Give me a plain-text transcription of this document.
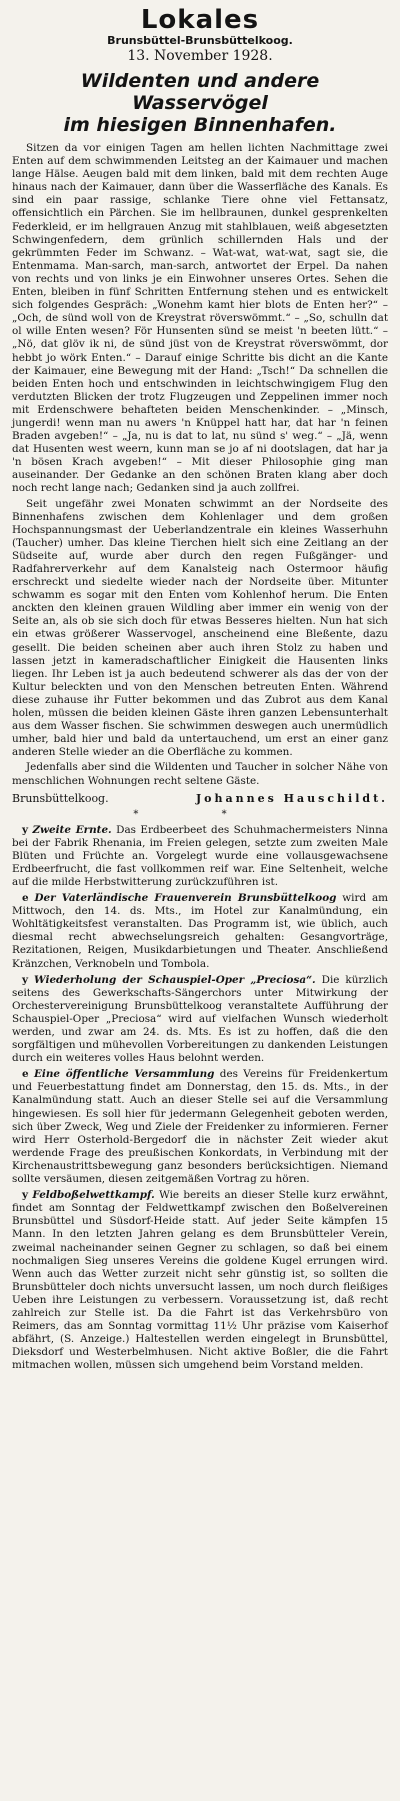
Lokales
Brunsbüttel-Brunsbüttelkoog.
13. November 1928.
Wildenten und andere Wasservögel
im hiesigen Binnenhafen.

Sitzen da vor einigen Tagen am hellen lichten Nachmittage zwei Enten auf dem schwimmenden Leitsteg an der Kaimauer und machen lange Hälse. Aeugen bald mit dem linken, bald mit dem rechten Auge hinaus nach der Kaimauer, dann über die Wasserfläche des Kanals. Es sind ein paar rassige, schlanke Tiere ohne viel Fettansatz, offensichtlich ein Pärchen. Sie im hellbraunen, dunkel gesprenkelten Federkleid, er im hellgrauen Anzug mit stahlblauen, weiß abgesetzten Schwingenfedern, dem grünlich schillernden Hals und der gekrümmten Feder im Schwanz. – Wat-wat, wat-wat, sagt sie, die Entenmama. Man-sarch, man-sarch, antwortet der Erpel. Da nahen von rechts und von links je ein Einwohner unseres Ortes. Sehen die Enten, bleiben in fünf Schritten Entfernung stehen und es entwickelt sich folgendes Gespräch: „Wonehm kamt hier blots de Enten her?“ – „Och, de sünd woll von de Kreystrat röverswömmt.“ – „So, schulln dat ol wille Enten wesen? För Hunsenten sünd se meist 'n beeten lütt.“ – „Nö, dat glöv ik ni, de sünd jüst von de Kreystrat röverswömmt, dor hebbt jo wörk Enten.“ – Darauf einige Schritte bis dicht an die Kante der Kaimauer, eine Bewegung mit der Hand: „Tsch!“ Da schnellen die beiden Enten hoch und entschwinden in leichtschwingigem Flug den verdutzten Blicken der trotz Flugzeugen und Zeppelinen immer noch mit Erdenschwere behafteten beiden Menschenkinder. – „Minsch, jungerdi! wenn man nu awers 'n Knüppel hatt har, dat har 'n feinen Braden avgeben!“ – „Ja, nu is dat to lat, nu sünd s' weg.“ – „Jä, wenn dat Husenten west weern, kunn man se jo af ni dootslagen, dat har ja 'n bösen Krach avgeben!“ – Mit dieser Philosophie ging man auseinander. Der Gedanke an den schönen Braten klang aber doch noch recht lange nach; Gedanken sind ja auch zollfrei.

Seit ungefähr zwei Monaten schwimmt an der Nordseite des Binnenhafens zwischen dem Kohlenlager und dem großen Hochspannungsmast der Ueberlandzentrale ein kleines Wasserhuhn (Taucher) umher. Das kleine Tierchen hielt sich eine Zeitlang an der Südseite auf, wurde aber durch den regen Fußgänger- und Radfahrerverkehr auf dem Kanalsteig nach Ostermoor häufig erschreckt und siedelte wieder nach der Nordseite über. Mitunter schwamm es sogar mit den Enten vom Kohlenhof herum. Die Enten anckten den kleinen grauen Wildling aber immer ein wenig von der Seite an, als ob sie sich doch für etwas Besseres hielten. Nun hat sich ein etwas größerer Wasservogel, anscheinend eine Bleßente, dazu gesellt. Die beiden scheinen aber auch ihren Stolz zu haben und lassen jetzt in kameradschaftlicher Einigkeit die Hausenten links liegen. Ihr Leben ist ja auch bedeutend schwerer als das der von der Kultur beleckten und von den Menschen betreuten Enten. Während diese zuhause ihr Futter bekommen und das Zubrot aus dem Kanal holen, müssen die beiden kleinen Gäste ihren ganzen Lebensunterhalt aus dem Wasser fischen. Sie schwimmen deswegen auch unermüdlich umher, bald hier und bald da untertauchend, um erst an einer ganz anderen Stelle wieder an die Oberfläche zu kommen.

Jedenfalls aber sind die Wildenten und Taucher in solcher Nähe von menschlichen Wohnungen recht seltene Gäste.

Brunsbüttelkoog.	Johannes Hauschildt.
* *

y Zweite Ernte. Das Erdbeerbeet des Schuhmachermeisters Ninna bei der Fabrik Rhenania, im Freien gelegen, setzte zum zweiten Male Blüten und Früchte an. Vorgelegt wurde eine vollausgewachsene Erdbeerfrucht, die fast vollkommen reif war. Eine Seltenheit, welche auf die milde Herbstwitterung zurückzuführen ist.

e Der Vaterländische Frauenverein Brunsbüttelkoog wird am Mittwoch, den 14. ds. Mts., im Hotel zur Kanalmündung, ein Wohltätigkeitsfest veranstalten. Das Programm ist, wie üblich, auch diesmal recht abwechselungsreich gehalten: Gesangvorträge, Rezitationen, Reigen, Musikdarbietungen und Theater. Anschließend Kränzchen, Verknobeln und Tombola.

y Wiederholung der Schauspiel-Oper „Preciosa“. Die kürzlich seitens des Gewerkschafts-Sängerchors unter Mitwirkung der Orchestervereinigung Brunsbüttelkoog veranstaltete Aufführung der Schauspiel-Oper „Preciosa“ wird auf vielfachen Wunsch wiederholt werden, und zwar am 24. ds. Mts. Es ist zu hoffen, daß die den sorgfältigen und mühevollen Vorbereitungen zu dankenden Leistungen durch ein weiteres volles Haus belohnt werden.

e Eine öffentliche Versammlung des Vereins für Freidenkertum und Feuerbestattung findet am Donnerstag, den 15. ds. Mts., in der Kanalmündung statt. Auch an dieser Stelle sei auf die Versammlung hingewiesen. Es soll hier für jedermann Gelegenheit geboten werden, sich über Zweck, Weg und Ziele der Freidenker zu informieren. Ferner wird Herr Osterhold-Bergedorf die in nächster Zeit wieder akut werdende Frage des preußischen Konkordats, in Verbindung mit der Kirchenaustrittsbewegung ganz besonders berücksichtigen. Niemand sollte versäumen, diesen zeitgemäßen Vortrag zu hören.

y Feldboßelwettkampf. Wie bereits an dieser Stelle kurz erwähnt, findet am Sonntag der Feldwettkampf zwischen den Boßelvereinen Brunsbüttel und Süsdorf-Heide statt. Auf jeder Seite kämpfen 15 Mann. In den letzten Jahren gelang es dem Brunsbütteler Verein, zweimal nacheinander seinen Gegner zu schlagen, so daß bei einem nochmaligen Sieg unseres Vereins die goldene Kugel errungen wird. Wenn auch das Wetter zurzeit nicht sehr günstig ist, so sollten die Brunsbütteler doch nichts unversucht lassen, um noch durch fleißiges Ueben ihre Leistungen zu verbessern. Voraussetzung ist, daß recht zahlreich zur Stelle ist. Da die Fahrt ist das Verkehrsbüro von Reimers, das am Sonntag vormittag 11½ Uhr präzise vom Kaiserhof abfährt, (S. Anzeige.) Haltestellen werden eingelegt in Brunsbüttel, Dieksdorf und Westerbelmhusen. Nicht aktive Boßler, die die Fahrt mitmachen wollen, müssen sich umgehend beim Vorstand melden.
